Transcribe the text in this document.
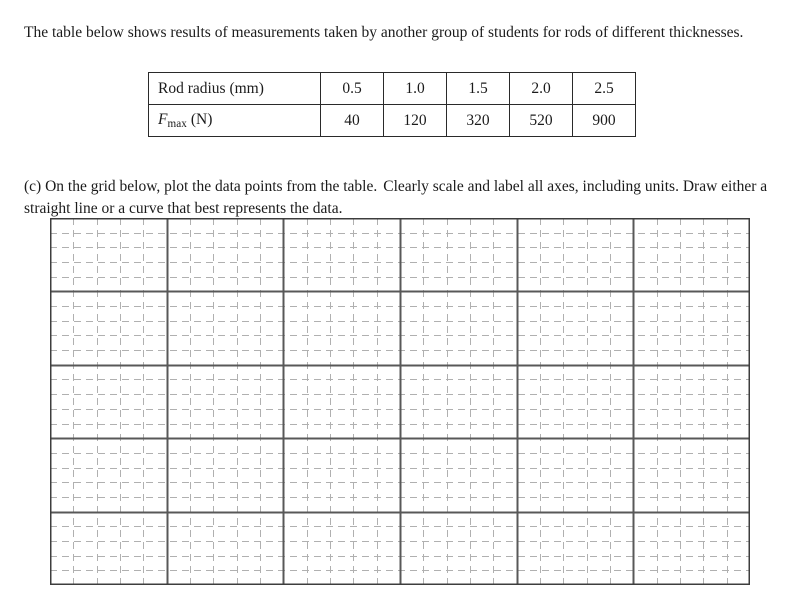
The table below shows results of measurements taken by another group of students for rods of different thicknesses.

Rod radius (mm)	0.5	1.0	1.5	2.0	2.5
$F_{max}$ (N)	40	120	320	520	900

(c) On the grid below, plot the data points from the table. Clearly scale and label all axes, including units. Draw either a straight line or a curve that best represents the data.
